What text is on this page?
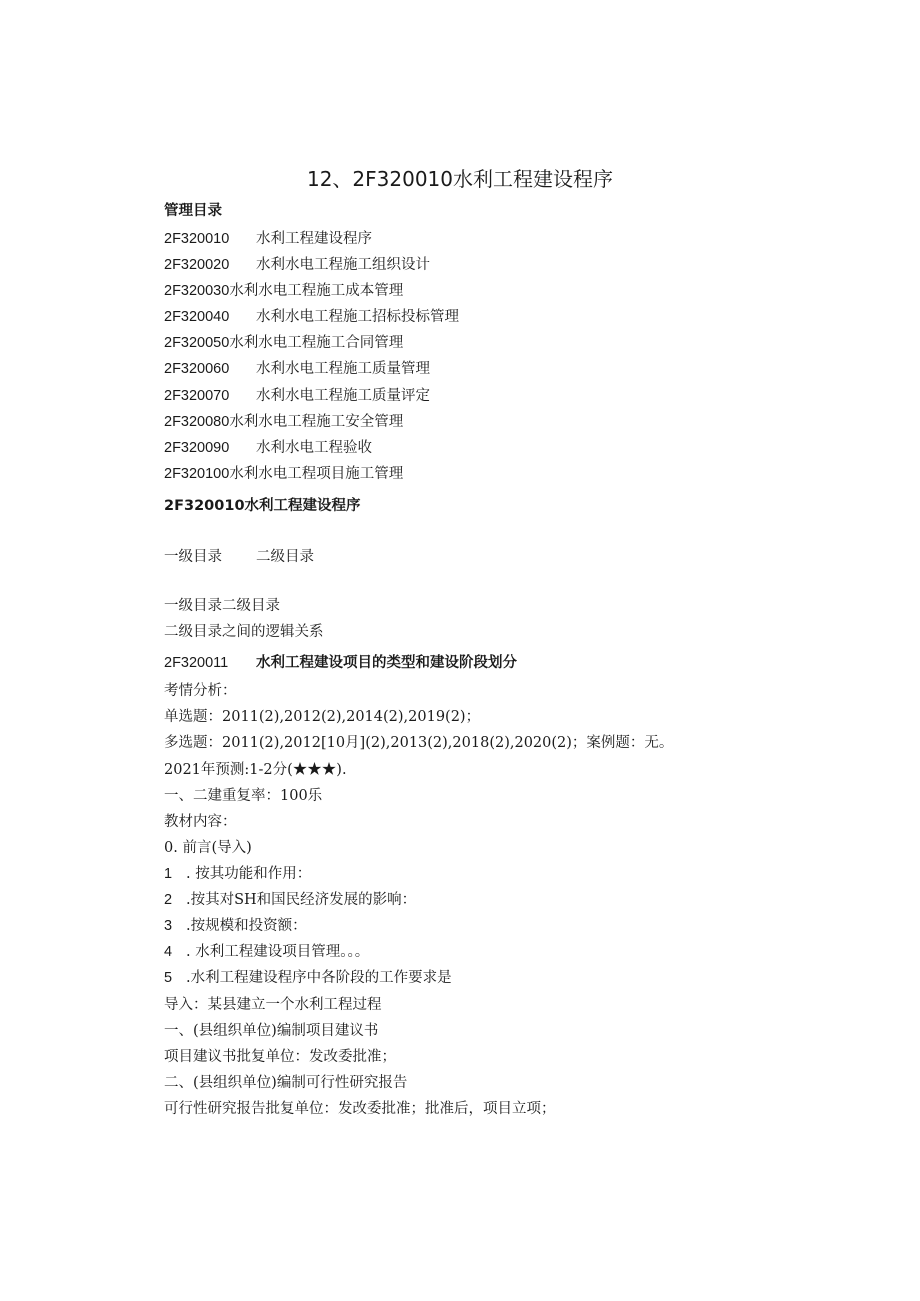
12、2F320010水利工程建设程序
管理目录
2F320010 水利工程建设程序
2F320020 水利水电工程施工组织设计
2F320030水利水电工程施工成本管理
2F320040 水利水电工程施工招标投标管理
2F320050水利水电工程施工合同管理
2F320060 水利水电工程施工质量管理
2F320070 水利水电工程施工质量评定
2F320080水利水电工程施工安全管理
2F320090 水利水电工程验收
2F320100水利水电工程项目施工管理
2F320010水利工程建设程序
一级目录 二级目录
一级目录二级目录
二级目录之间的逻辑关系
2F320011 水利工程建设项目的类型和建设阶段划分
考情分析：
单选题：2011(2),2012(2),2014(2),2019(2)；
多选题：2011(2),2012[10月](2),2013(2),2018(2),2020(2)；案例题：无。
2021年预测:1-2分(★★★).
一、二建重复率：100乐
教材内容：
0. 前言(导入)
1 . 按其功能和作用：
2 .按其对SH和国民经济发展的影响：
3 .按规模和投资额：
4 . 水利工程建设项目管理。。。
5 .水利工程建设程序中各阶段的工作要求是
导入：某县建立一个水利工程过程
一、(县组织单位)编制项目建议书
项目建议书批复单位：发改委批准；
二、(县组织单位)编制可行性研究报告
可行性研究报告批复单位：发改委批准；批准后，项目立项；
